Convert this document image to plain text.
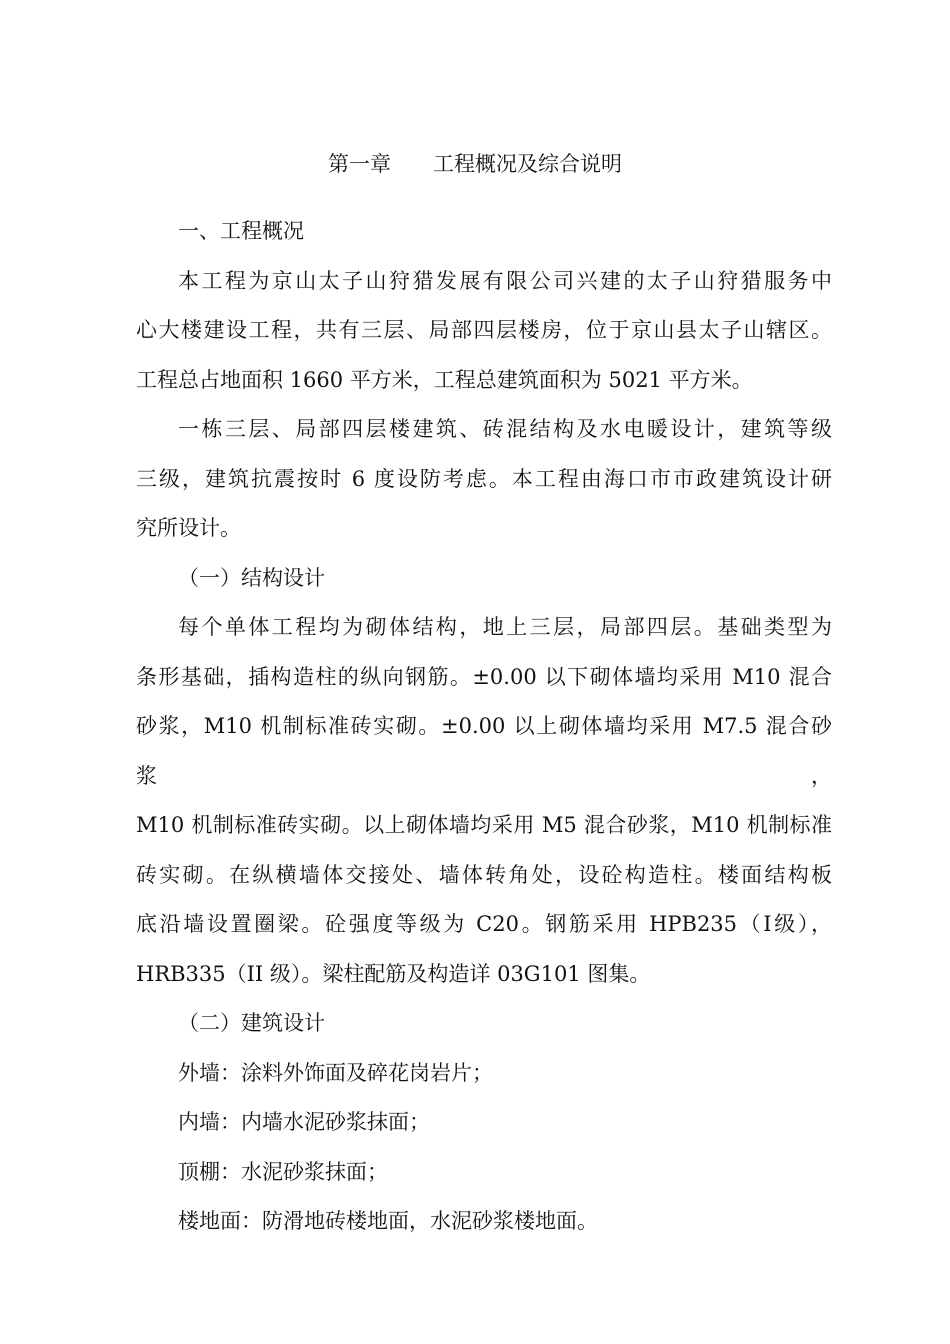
第一章　　工程概况及综合说明

一、工程概况

本工程为京山太子山狩猎发展有限公司兴建的太子山狩猎服务中
心大楼建设工程，共有三层、局部四层楼房，位于京山县太子山辖区。
工程总占地面积 1660 平方米，工程总建筑面积为 5021 平方米。

一栋三层、局部四层楼建筑、砖混结构及水电暖设计，建筑等级
三级，建筑抗震按时 6 度设防考虑。本工程由海口市市政建筑设计研
究所设计。

（一）结构设计

每个单体工程均为砌体结构，地上三层，局部四层。基础类型为
条形基础，插构造柱的纵向钢筋。±0.00 以下砌体墙均采用 M10 混合
砂浆，M10 机制标准砖实砌。±0.00 以上砌体墙均采用 M7.5 混合砂浆，
M10 机制标准砖实砌。以上砌体墙均采用 M5 混合砂浆，M10 机制标准
砖实砌。在纵横墙体交接处、墙体转角处，设砼构造柱。楼面结构板
底沿墙设置圈梁。砼强度等级为 C20。钢筋采用 HPB235（Ⅰ级），
HRB335（II 级）。梁柱配筋及构造详 03G101 图集。

（二）建筑设计

外墙：涂料外饰面及碎花岗岩片；

内墙：内墙水泥砂浆抹面；

顶棚：水泥砂浆抹面；

楼地面：防滑地砖楼地面，水泥砂浆楼地面。
